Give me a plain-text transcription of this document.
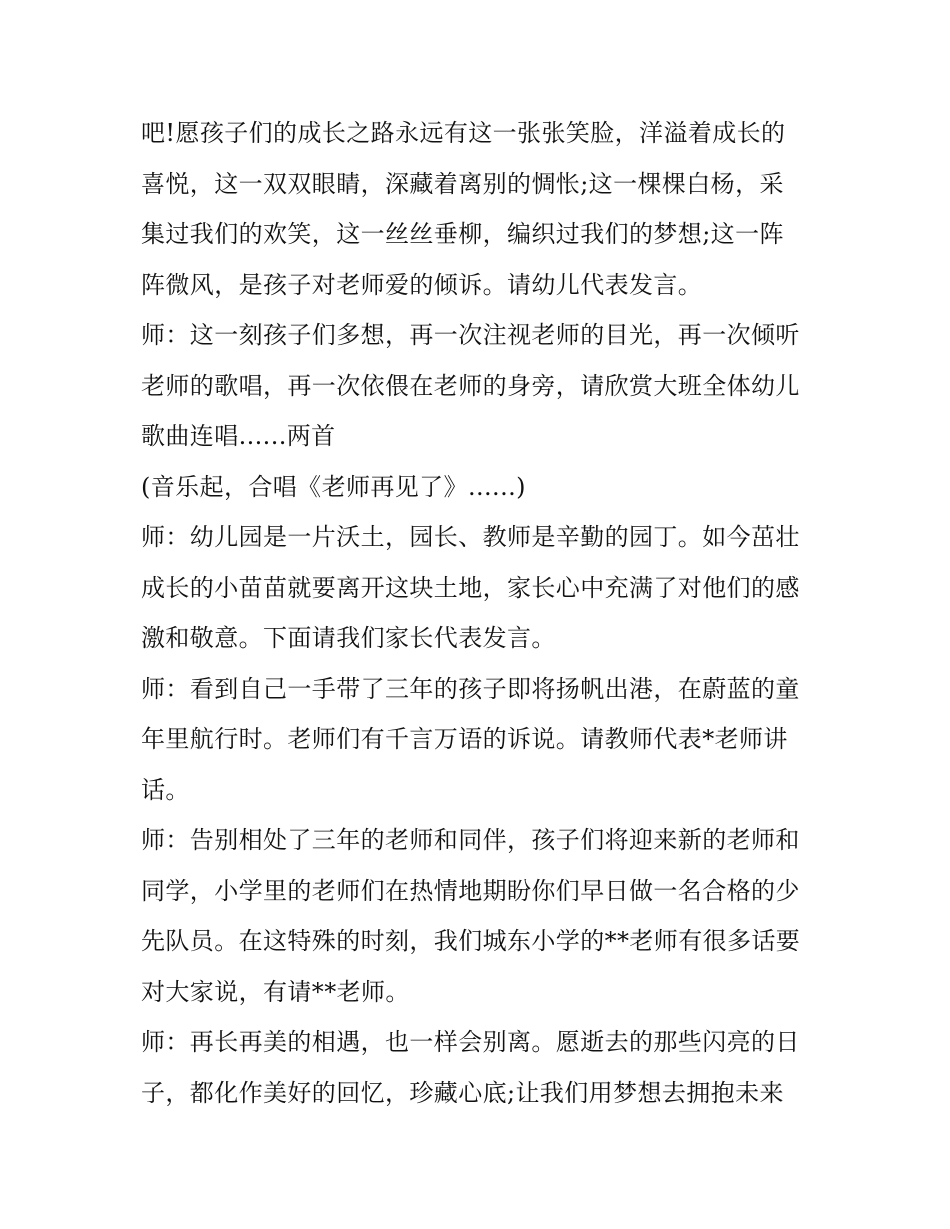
吧!愿孩子们的成长之路永远有这一张张笑脸，洋溢着成长的
喜悦，这一双双眼睛，深藏着离别的惆怅;这一棵棵白杨，采
集过我们的欢笑，这一丝丝垂柳，编织过我们的梦想;这一阵
阵微风，是孩子对老师爱的倾诉。请幼儿代表发言。
师：这一刻孩子们多想，再一次注视老师的目光，再一次倾听
老师的歌唱，再一次依偎在老师的身旁，请欣赏大班全体幼儿
歌曲连唱......两首
(音乐起，合唱《老师再见了》......)
师：幼儿园是一片沃土，园长、教师是辛勤的园丁。如今茁壮
成长的小苗苗就要离开这块土地，家长心中充满了对他们的感
激和敬意。下面请我们家长代表发言。
师：看到自己一手带了三年的孩子即将扬帆出港，在蔚蓝的童
年里航行时。老师们有千言万语的诉说。请教师代表*老师讲
话。
师：告别相处了三年的老师和同伴，孩子们将迎来新的老师和
同学，小学里的老师们在热情地期盼你们早日做一名合格的少
先队员。在这特殊的时刻，我们城东小学的**老师有很多话要
对大家说，有请**老师。
师：再长再美的相遇，也一样会别离。愿逝去的那些闪亮的日
子，都化作美好的回忆，珍藏心底;让我们用梦想去拥抱未来
